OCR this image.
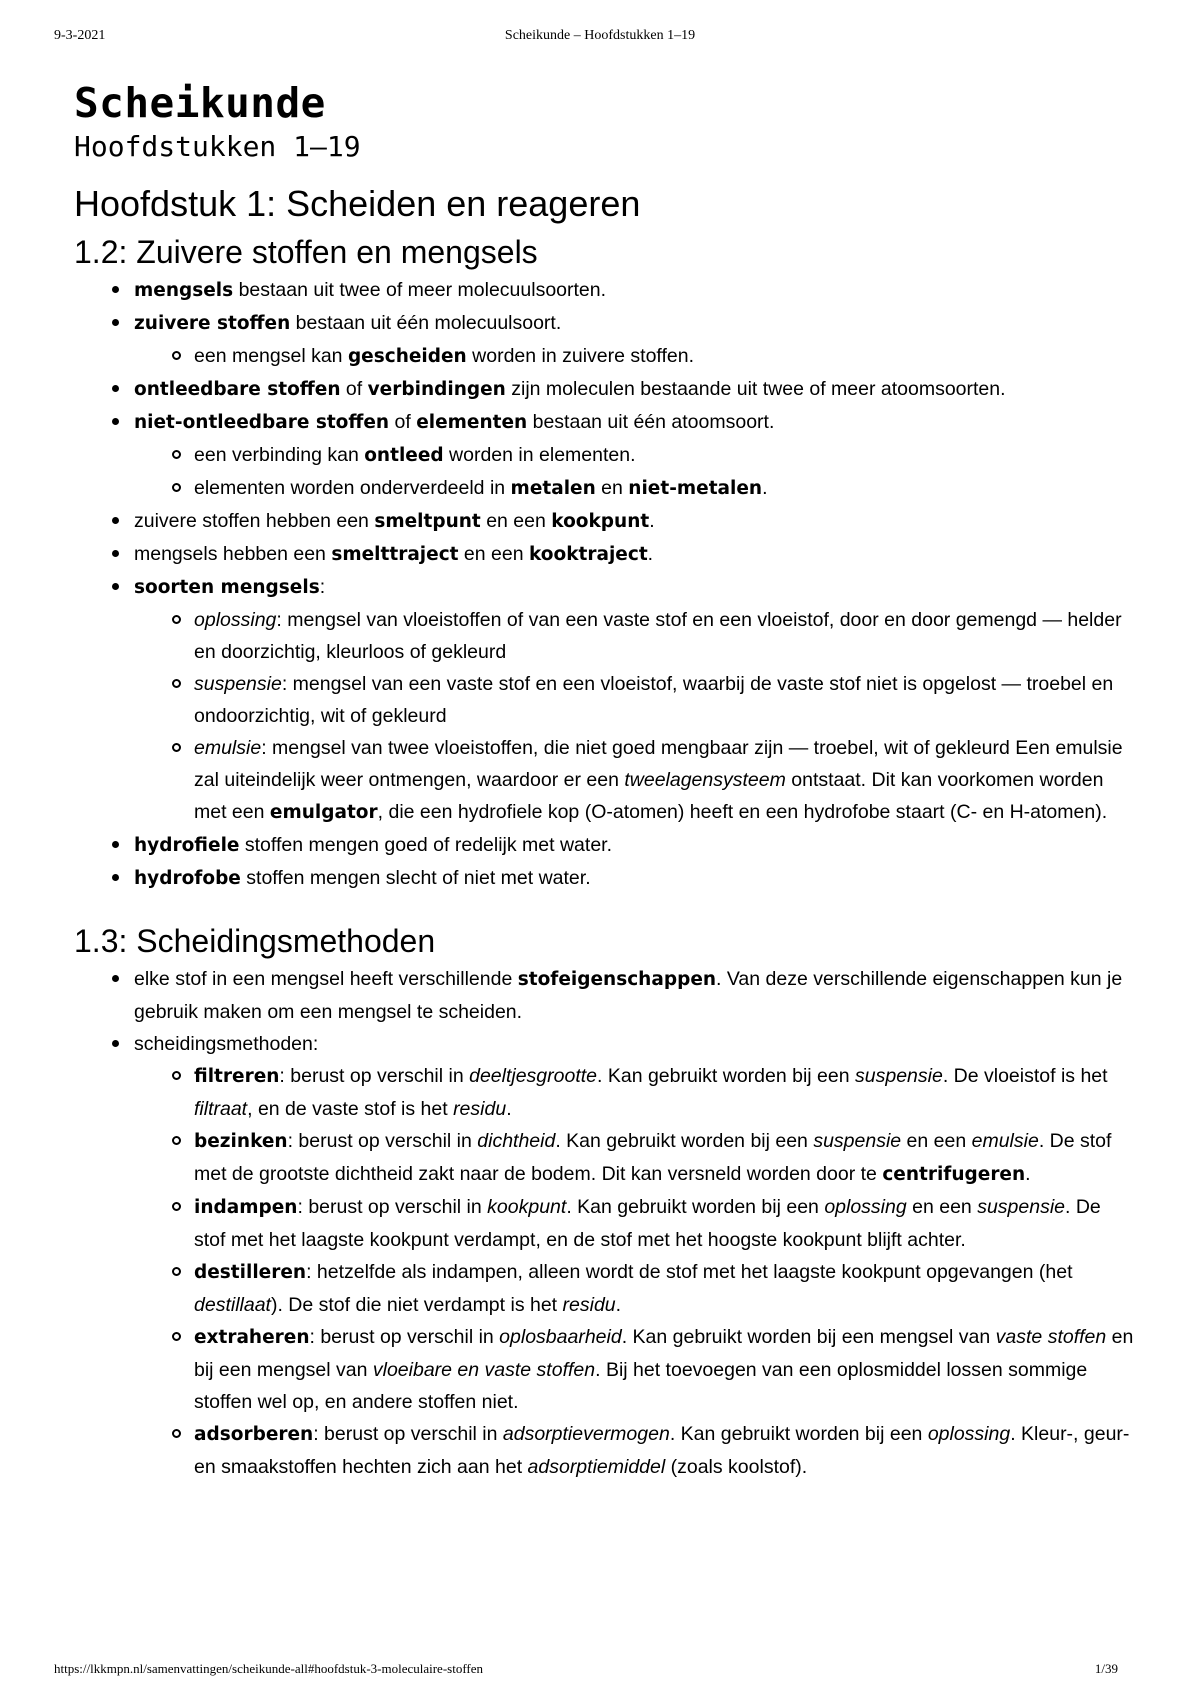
9-3-2021	Scheikunde – Hoofdstukken 1–19
Scheikunde
Hoofdstukken 1–19
Hoofdstuk 1: Scheiden en reageren
1.2: Zuivere stoffen en mengsels
mengsels bestaan uit twee of meer molecuulsoorten.
zuivere stoffen bestaan uit één molecuulsoort.
een mengsel kan gescheiden worden in zuivere stoffen.
ontleedbare stoffen of verbindingen zijn moleculen bestaande uit twee of meer atoomsoorten.
niet-ontleedbare stoffen of elementen bestaan uit één atoomsoort.
een verbinding kan ontleed worden in elementen.
elementen worden onderverdeeld in metalen en niet-metalen.
zuivere stoffen hebben een smeltpunt en een kookpunt.
mengsels hebben een smelttraject en een kooktraject.
soorten mengsels:
oplossing: mengsel van vloeistoffen of van een vaste stof en een vloeistof, door en door gemengd — helder en doorzichtig, kleurloos of gekleurd
suspensie: mengsel van een vaste stof en een vloeistof, waarbij de vaste stof niet is opgelost — troebel en ondoorzichtig, wit of gekleurd
emulsie: mengsel van twee vloeistoffen, die niet goed mengbaar zijn — troebel, wit of gekleurd Een emulsie zal uiteindelijk weer ontmengen, waardoor er een tweelagensysteem ontstaat. Dit kan voorkomen worden met een emulgator, die een hydrofiele kop (O-atomen) heeft en een hydrofobe staart (C- en H-atomen).
hydrofiele stoffen mengen goed of redelijk met water.
hydrofobe stoffen mengen slecht of niet met water.
1.3: Scheidingsmethoden
elke stof in een mengsel heeft verschillende stofeigenschappen. Van deze verschillende eigenschappen kun je gebruik maken om een mengsel te scheiden.
scheidingsmethoden:
filtreren: berust op verschil in deeltjesgrootte. Kan gebruikt worden bij een suspensie. De vloeistof is het filtraat, en de vaste stof is het residu.
bezinken: berust op verschil in dichtheid. Kan gebruikt worden bij een suspensie en een emulsie. De stof met de grootste dichtheid zakt naar de bodem. Dit kan versneld worden door te centrifugeren.
indampen: berust op verschil in kookpunt. Kan gebruikt worden bij een oplossing en een suspensie. De stof met het laagste kookpunt verdampt, en de stof met het hoogste kookpunt blijft achter.
destilleren: hetzelfde als indampen, alleen wordt de stof met het laagste kookpunt opgevangen (het destillaat). De stof die niet verdampt is het residu.
extraheren: berust op verschil in oplosbaarheid. Kan gebruikt worden bij een mengsel van vaste stoffen en bij een mengsel van vloeibare en vaste stoffen. Bij het toevoegen van een oplosmiddel lossen sommige stoffen wel op, en andere stoffen niet.
adsorberen: berust op verschil in adsorptievermogen. Kan gebruikt worden bij een oplossing. Kleur-, geur- en smaakstoffen hechten zich aan het adsorptiemiddel (zoals koolstof).
https://lkkmpn.nl/samenvattingen/scheikunde-all#hoofdstuk-3-moleculaire-stoffen	1/39
